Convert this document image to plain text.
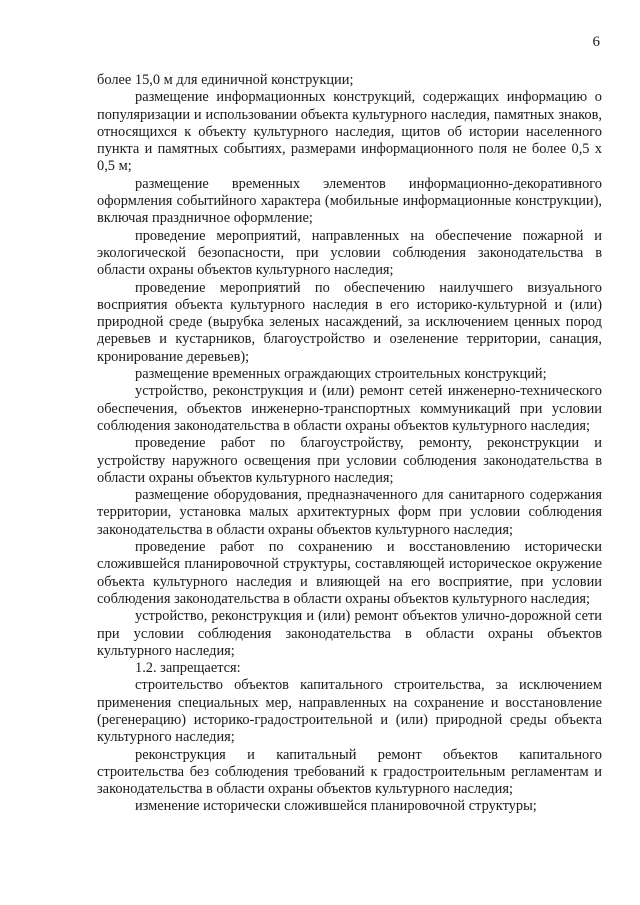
6

более 15,0 м для единичной конструкции;

размещение информационных конструкций, содержащих информацию о популяризации и использовании объекта культурного наследия, памятных знаков, относящихся к объекту культурного наследия, щитов об истории населенного пункта и памятных событиях, размерами информационного поля не более 0,5 х 0,5 м;

размещение временных элементов информационно-декоративного оформления событийного характера (мобильные информационные конструкции), включая праздничное оформление;

проведение мероприятий, направленных на обеспечение пожарной и экологической безопасности, при условии соблюдения законодательства в области охраны объектов культурного наследия;

проведение мероприятий по обеспечению наилучшего визуального восприятия объекта культурного наследия в его историко-культурной и (или) природной среде (вырубка зеленых насаждений, за исключением ценных пород деревьев и кустарников, благоустройство и озеленение территории, санация, кронирование деревьев);

размещение временных ограждающих строительных конструкций;

устройство, реконструкция и (или) ремонт сетей инженерно-технического обеспечения, объектов инженерно-транспортных коммуникаций при условии соблюдения законодательства в области охраны объектов культурного наследия;

проведение работ по благоустройству, ремонту, реконструкции и устройству наружного освещения при условии соблюдения законодательства в области охраны объектов культурного наследия;

размещение оборудования, предназначенного для санитарного содержания территории, установка малых архитектурных форм при условии соблюдения законодательства в области охраны объектов культурного наследия;

проведение работ по сохранению и восстановлению исторически сложившейся планировочной структуры, составляющей историческое окружение объекта культурного наследия и влияющей на его восприятие, при условии соблюдения законодательства в области охраны объектов культурного наследия;

устройство, реконструкция и (или) ремонт объектов улично-дорожной сети при условии соблюдения законодательства в области охраны объектов культурного наследия;

1.2. запрещается:

строительство объектов капитального строительства, за исключением применения специальных мер, направленных на сохранение и восстановление (регенерацию) историко-градостроительной и (или) природной среды объекта культурного наследия;

реконструкция и капитальный ремонт объектов капитального строительства без соблюдения требований к градостроительным регламентам и законодательства в области охраны объектов культурного наследия;

изменение исторически сложившейся планировочной структуры;
